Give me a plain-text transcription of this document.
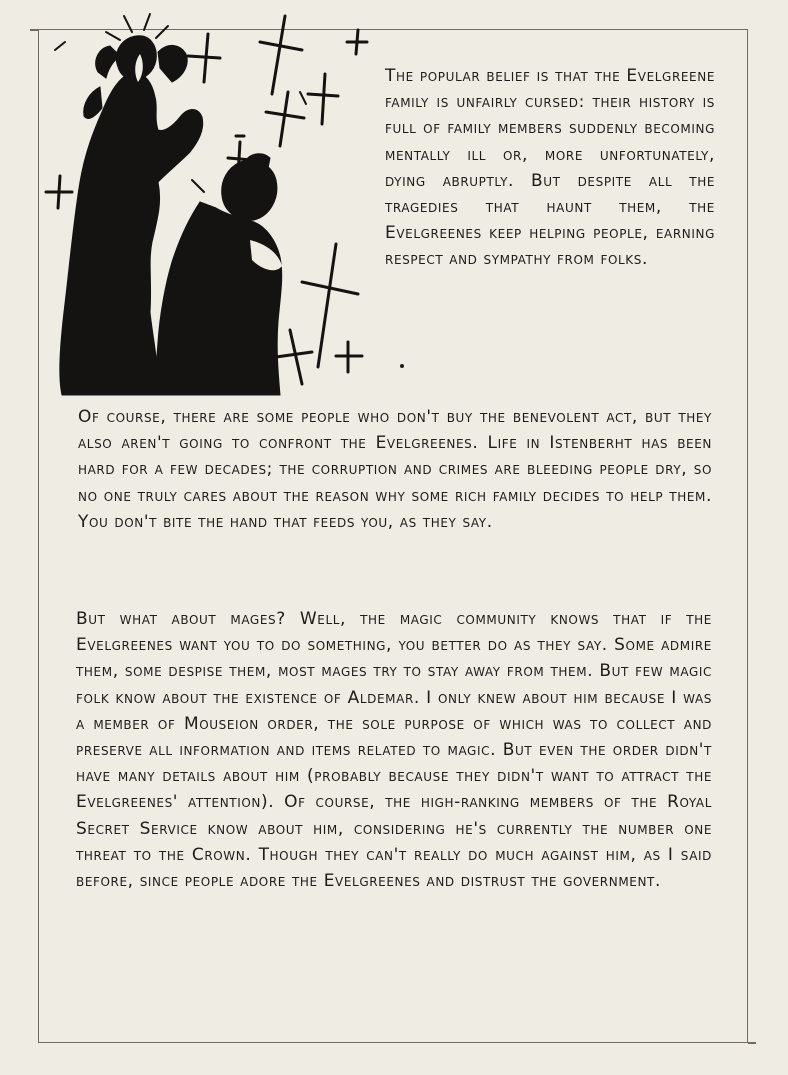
The popular belief is that the Evelgreene family is unfairly cursed: their history is full of family members suddenly becoming mentally ill or, more unfortunately, dying abruptly. But despite all the tragedies that haunt them, the Evelgreenes keep helping people, earning respect and sympathy from folks.

Of course, there are some people who don't buy the benevolent act, but they also aren't going to confront the Evelgreenes. Life in Istenberht has been hard for a few decades; the corruption and crimes are bleeding people dry, so no one truly cares about the reason why some rich family decides to help them. You don't bite the hand that feeds you, as they say.

But what about mages? Well, the magic community knows that if the Evelgreenes want you to do something, you better do as they say. Some admire them, some despise them, most mages try to stay away from them. But few magic folk know about the existence of Aldemar. I only knew about him because I was a member of Mouseion order, the sole purpose of which was to collect and preserve all information and items related to magic. But even the order didn't have many details about him (probably because they didn't want to attract the Evelgreenes' attention). Of course, the high-ranking members of the Royal Secret Service know about him, considering he's currently the number one threat to the Crown. Though they can't really do much against him, as I said before, since people adore the Evelgreenes and distrust the government.
